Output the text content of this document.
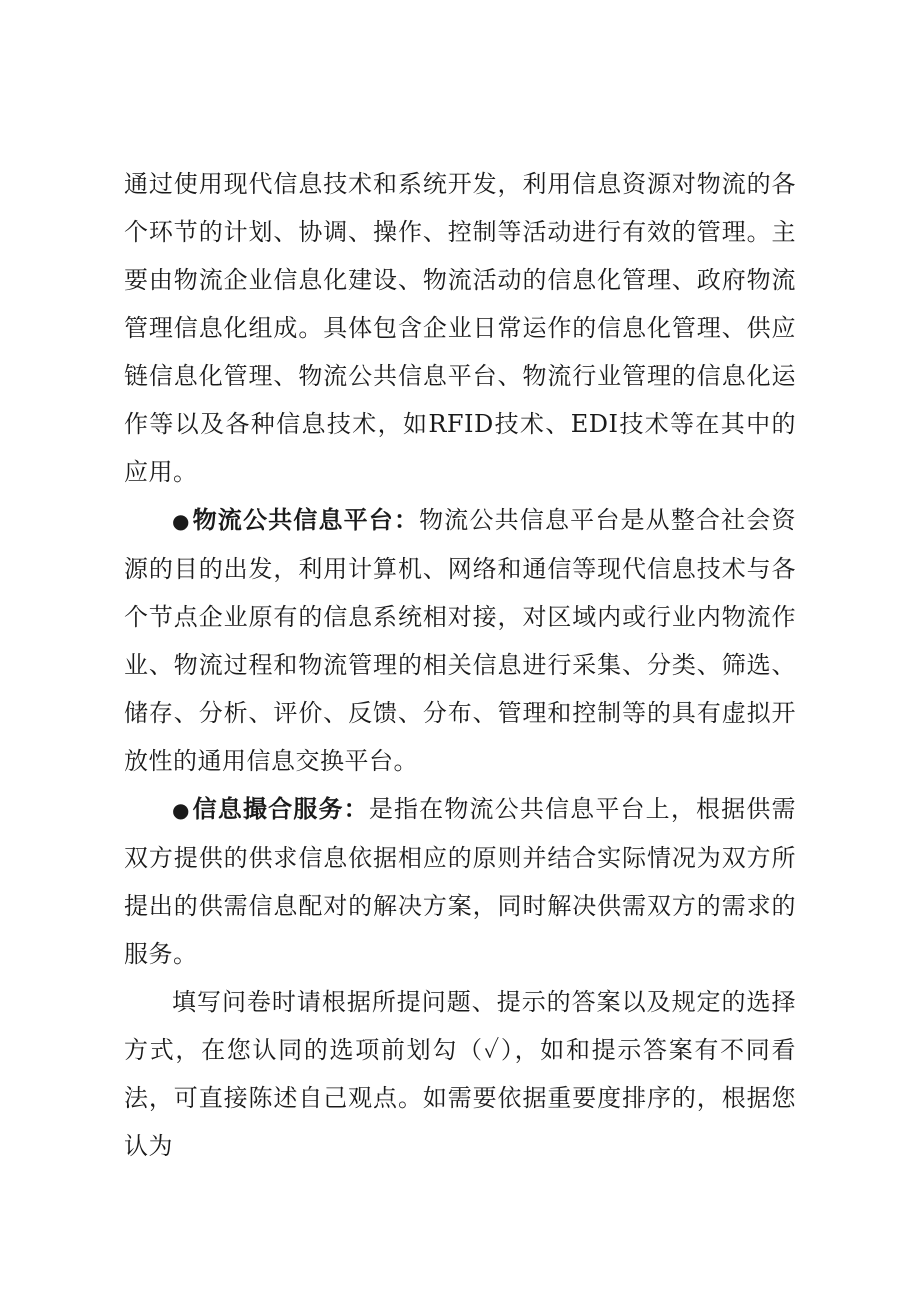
通过使用现代信息技术和系统开发，利用信息资源对物流的各个环节的计划、协调、操作、控制等活动进行有效的管理。主要由物流企业信息化建设、物流活动的信息化管理、政府物流管理信息化组成。具体包含企业日常运作的信息化管理、供应链信息化管理、物流公共信息平台、物流行业管理的信息化运作等以及各种信息技术，如RFID技术、EDI技术等在其中的应用。

●物流公共信息平台：物流公共信息平台是从整合社会资源的目的出发，利用计算机、网络和通信等现代信息技术与各个节点企业原有的信息系统相对接，对区域内或行业内物流作业、物流过程和物流管理的相关信息进行采集、分类、筛选、储存、分析、评价、反馈、分布、管理和控制等的具有虚拟开放性的通用信息交换平台。

●信息撮合服务：是指在物流公共信息平台上，根据供需双方提供的供求信息依据相应的原则并结合实际情况为双方所提出的供需信息配对的解决方案，同时解决供需双方的需求的服务。

填写问卷时请根据所提问题、提示的答案以及规定的选择方式，在您认同的选项前划勾（✓），如和提示答案有不同看法，可直接陈述自己观点。如需要依据重要度排序的，根据您认为
